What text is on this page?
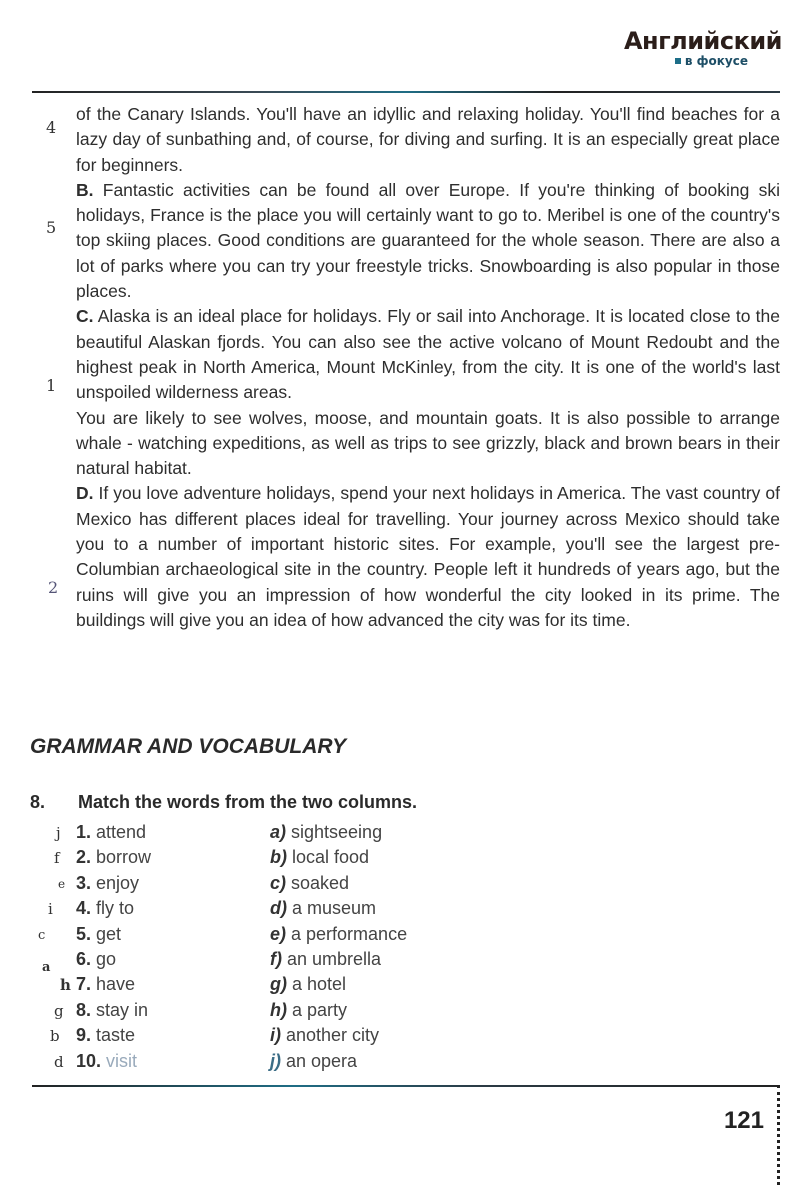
Английский
в фокусе
4
5
1
2

of the Canary Islands. You'll have an idyllic and relaxing holiday. You'll find beaches for a lazy day of sunbathing and, of course, for diving and surfing. It is an especially great place for beginners.

B. Fantastic activities can be found all over Europe. If you're thinking of booking ski holidays, France is the place you will certainly want to go to. Meribel is one of the country's top skiing places. Good conditions are guaranteed for the whole season. There are also a lot of parks where you can try your freestyle tricks. Snowboarding is also popular in those places.

C. Alaska is an ideal place for holidays. Fly or sail into Anchorage. It is located close to the beautiful Alaskan fjords. You can also see the active volcano of Mount Redoubt and the highest peak in North America, Mount McKinley, from the city. It is one of the world's last unspoiled wilderness areas.

You are likely to see wolves, moose, and mountain goats. It is also possible to arrange whale - watching expeditions, as well as trips to see grizzly, black and brown bears in their natural habitat.

D. If you love adventure holidays, spend your next holidays in America. The vast country of Mexico has different places ideal for travelling. Your journey across Mexico should take you to a number of important historic sites. For example, you'll see the largest pre-Columbian archaeological site in the country. People left it hundreds of years ago, but the ruins will give you an impression of how wonderful the city looked in its prime. The buildings will give you an idea of how advanced the city was for its time.

GRAMMAR AND VOCABULARY
8. Match the words from the two columns.
j 1. attend	a) sightseeing
f 2. borrow	b) local food
e 3. enjoy	c) soaked
i 4. fly to	d) a museum
c 5. get	e) a performance
a 6. go	f) an umbrella
h 7. have	g) a hotel
g 8. stay in	h) a party
b 9. taste	i) another city
d 10. visit	j) an opera
121
